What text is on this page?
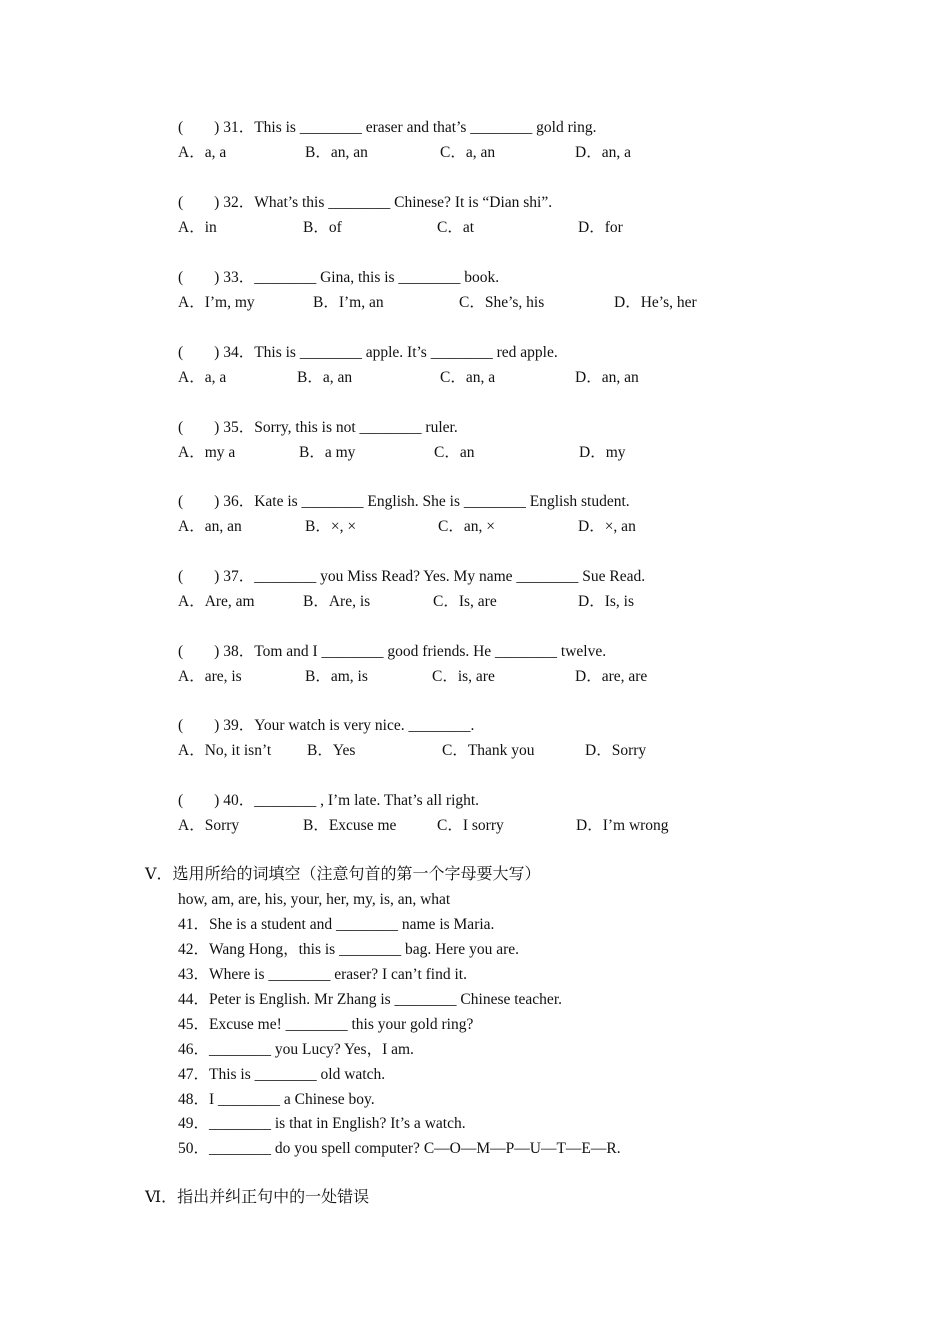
(        ) 31．This is ________ eraser and that’s ________ gold ring.
A．a, a	B．an, an	C．a, an	D．an, a
(        ) 32．What’s this ________ Chinese? It is “Dian shi”.
A．in	B．of	C．at	D．for
(        ) 33．________ Gina, this is ________ book.
A．I’m, my	B．I’m, an	C．She’s, his	D．He’s, her
(        ) 34．This is ________ apple. It’s ________ red apple.
A．a, a	B．a, an	C．an, a	D．an, an
(        ) 35．Sorry, this is not ________ ruler.
A．my a	B．a my	C．an	D．my
(        ) 36．Kate is ________ English. She is ________ English student.
A．an, an	B．×, ×	C．an, ×	D．×, an
(        ) 37．________ you Miss Read? Yes. My name ________ Sue Read.
A．Are, am	B．Are, is	C．Is, are	D．Is, is
(        ) 38．Tom and I ________ good friends. He ________ twelve.
A．are, is	B．am, is	C．is, are	D．are, are
(        ) 39．Your watch is very nice. ________.
A．No, it isn’t B．Yes	C．Thank you	D．Sorry
(        ) 40．________ , I’m late. That’s all right.
A．Sorry	B．Excuse me	C．I sorry	D．I’m wrong
Ⅴ．选用所给的词填空（注意句首的第一个字母要大写）
how, am, are, his, your, her, my, is, an, what
41．She is a student and ________ name is Maria.
42．Wang Hong，this is ________ bag. Here you are.
43．Where is ________ eraser? I can’t find it.
44．Peter is English. Mr Zhang is ________ Chinese teacher.
45．Excuse me! ________ this your gold ring?
46．________ you Lucy? Yes，I am.
47．This is ________ old watch.
48．I ________ a Chinese boy.
49．________ is that in English? It’s a watch.
50．________ do you spell computer? C—O—M—P—U—T—E—R.
Ⅵ．指出并纠正句中的一处错误
